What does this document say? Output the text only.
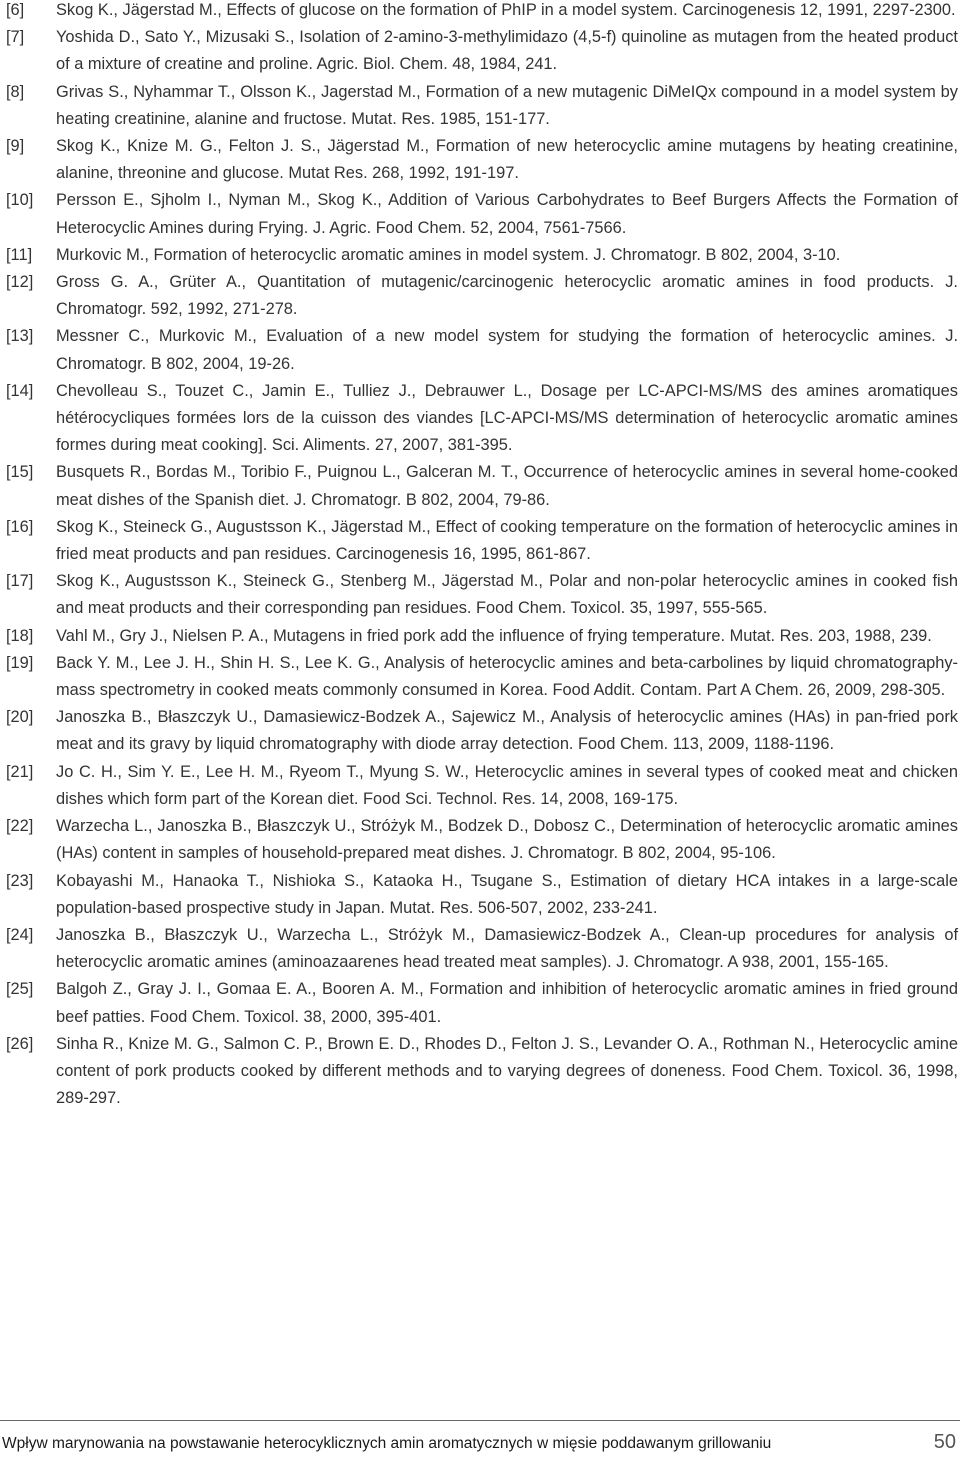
[6]	Skog K., Jägerstad M., Effects of glucose on the formation of PhIP in a model system. Carcinogenesis 12, 1991, 2297-2300.
[7]	Yoshida D., Sato Y., Mizusaki S., Isolation of 2-amino-3-methylimidazo (4,5-f) quinoline as mutagen from the heated product of a mixture of creatine and proline. Agric. Biol. Chem. 48, 1984, 241.
[8]	Grivas S., Nyhammar T., Olsson K., Jagerstad M., Formation of a new mutagenic DiMeIQx compound in a model system by heating creatinine, alanine and fructose. Mutat. Res. 1985, 151-177.
[9]	Skog K., Knize M. G., Felton J. S., Jägerstad M., Formation of new heterocyclic amine mutagens by heating creatinine, alanine, threonine and glucose. Mutat Res. 268, 1992, 191-197.
[10]	Persson E., Sjholm I., Nyman M., Skog K., Addition of Various Carbohydrates to Beef Burgers Affects the Formation of Heterocyclic Amines during Frying. J. Agric. Food Chem. 52, 2004, 7561-7566.
[11]	Murkovic M., Formation of heterocyclic aromatic amines in model system. J. Chromatogr. B 802, 2004, 3-10.
[12]	Gross G. A., Grüter A., Quantitation of mutagenic/carcinogenic heterocyclic aromatic amines in food products. J. Chromatogr. 592, 1992, 271-278.
[13]	Messner C., Murkovic M., Evaluation of a new model system for studying the formation of heterocyclic amines. J. Chromatogr. B 802, 2004, 19-26.
[14]	Chevolleau S., Touzet C., Jamin E., Tulliez J., Debrauwer L., Dosage per LC-APCI-MS/MS des amines aromatiques hétérocycliques formées lors de la cuisson des viandes [LC-APCI-MS/MS determination of heterocyclic aromatic amines formes during meat cooking]. Sci. Aliments. 27, 2007, 381-395.
[15]	Busquets R., Bordas M., Toribio F., Puignou L., Galceran M. T., Occurrence of heterocyclic amines in several home-cooked meat dishes of the Spanish diet. J. Chromatogr. B 802, 2004, 79-86.
[16]	Skog K., Steineck G., Augustsson K., Jägerstad M., Effect of cooking temperature on the formation of heterocyclic amines in fried meat products and pan residues. Carcinogenesis 16, 1995, 861-867.
[17]	Skog K., Augustsson K., Steineck G., Stenberg M., Jägerstad M., Polar and non-polar heterocyclic amines in cooked fish and meat products and their corresponding pan residues. Food Chem. Toxicol. 35, 1997, 555-565.
[18]	Vahl M., Gry J., Nielsen P. A., Mutagens in fried pork add the influence of frying temperature. Mutat. Res. 203, 1988, 239.
[19]	Back Y. M., Lee J. H., Shin H. S., Lee K. G., Analysis of heterocyclic amines and beta-carbolines by liquid chromatography-mass spectrometry in cooked meats commonly consumed in Korea. Food Addit. Contam. Part A Chem. 26, 2009, 298-305.
[20]	Janoszka B., Błaszczyk U., Damasiewicz-Bodzek A., Sajewicz M., Analysis of heterocyclic amines (HAs) in pan-fried pork meat and its gravy by liquid chromatography with diode array detection. Food Chem. 113, 2009, 1188-1196.
[21]	Jo C. H., Sim Y. E., Lee H. M., Ryeom T., Myung S. W., Heterocyclic amines in several types of cooked meat and chicken dishes which form part of the Korean diet. Food Sci. Technol. Res. 14, 2008, 169-175.
[22]	Warzecha L., Janoszka B., Błaszczyk U., Stróżyk M., Bodzek D., Dobosz C., Determination of heterocyclic aromatic amines (HAs) content in samples of household-prepared meat dishes. J. Chromatogr. B 802, 2004, 95-106.
[23]	Kobayashi M., Hanaoka T., Nishioka S., Kataoka H., Tsugane S., Estimation of dietary HCA intakes in a large-scale population-based prospective study in Japan. Mutat. Res. 506-507, 2002, 233-241.
[24]	Janoszka B., Błaszczyk U., Warzecha L., Stróżyk M., Damasiewicz-Bodzek A., Clean-up procedures for analysis of heterocyclic aromatic amines (aminoazaarenes head treated meat samples). J. Chromatogr. A 938, 2001, 155-165.
[25]	Balgoh Z., Gray J. I., Gomaa E. A., Booren A. M., Formation and inhibition of heterocyclic aromatic amines in fried ground beef patties. Food Chem. Toxicol. 38, 2000, 395-401.
[26]	Sinha R., Knize M. G., Salmon C. P., Brown E. D., Rhodes D., Felton J. S., Levander O. A., Rothman N., Heterocyclic amine content of pork products cooked by different methods and to varying degrees of doneness. Food Chem. Toxicol. 36, 1998, 289-297.
Wpływ marynowania na powstawanie heterocyklicznych amin aromatycznych w mięsie poddawanym grillowaniu	50
